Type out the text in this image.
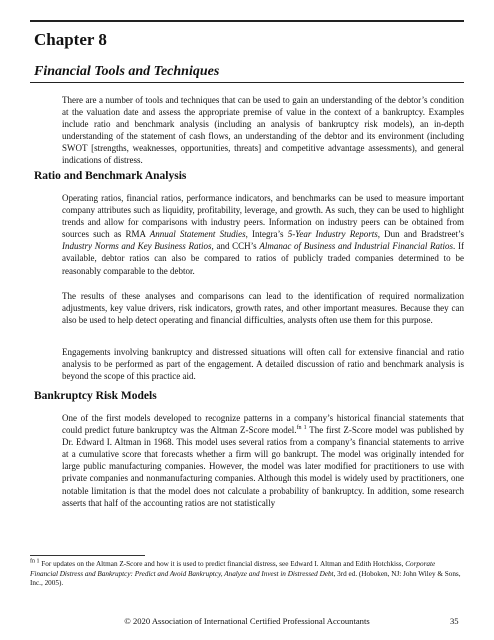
Chapter 8
Financial Tools and Techniques

There are a number of tools and techniques that can be used to gain an understanding of the debtor’s condition at the valuation date and assess the appropriate premise of value in the context of a bankruptcy. Examples include ratio and benchmark analysis (including an analysis of bankruptcy risk models), an in-depth understanding of the statement of cash flows, an understanding of the debtor and its environment (including SWOT [strengths, weaknesses, opportunities, threats] and competitive advantage assessments), and general indications of distress.

Ratio and Benchmark Analysis

Operating ratios, financial ratios, performance indicators, and benchmarks can be used to measure important company attributes such as liquidity, profitability, leverage, and growth. As such, they can be used to highlight trends and allow for comparisons with industry peers. Information on industry peers can be obtained from sources such as RMA Annual Statement Studies, Integra’s 5-Year Industry Reports, Dun and Bradstreet’s Industry Norms and Key Business Ratios, and CCH’s Almanac of Business and Industrial Financial Ratios. If available, debtor ratios can also be compared to ratios of publicly traded companies determined to be reasonably comparable to the debtor.

The results of these analyses and comparisons can lead to the identification of required normalization adjustments, key value drivers, risk indicators, growth rates, and other important measures. Because they can also be used to help detect operating and financial difficulties, analysts often use them for this purpose.

Engagements involving bankruptcy and distressed situations will often call for extensive financial and ratio analysis to be performed as part of the engagement. A detailed discussion of ratio and benchmark analysis is beyond the scope of this practice aid.

Bankruptcy Risk Models

One of the first models developed to recognize patterns in a company’s historical financial statements that could predict future bankruptcy was the Altman Z-Score model.$^{fn 1}$ The first Z-Score model was published by Dr. Edward I. Altman in 1968. This model uses several ratios from a company’s financial statements to arrive at a cumulative score that forecasts whether a firm will go bankrupt. The model was originally intended for large public manufacturing companies. However, the model was later modified for practitioners to use with private companies and nonmanufacturing companies. Although this model is widely used by practitioners, one notable limitation is that the model does not calculate a probability of bankruptcy. In addition, some research asserts that half of the accounting ratios are not statistically

$^{fn 1}$ For updates on the Altman Z-Score and how it is used to predict financial distress, see Edward I. Altman and Edith Hotchkiss, Corporate Financial Distress and Bankruptcy: Predict and Avoid Bankruptcy, Analyze and Invest in Distressed Debt, 3rd ed. (Hoboken, NJ: John Wiley & Sons, Inc., 2005).

© 2020 Association of International Certified Professional Accountants	35
